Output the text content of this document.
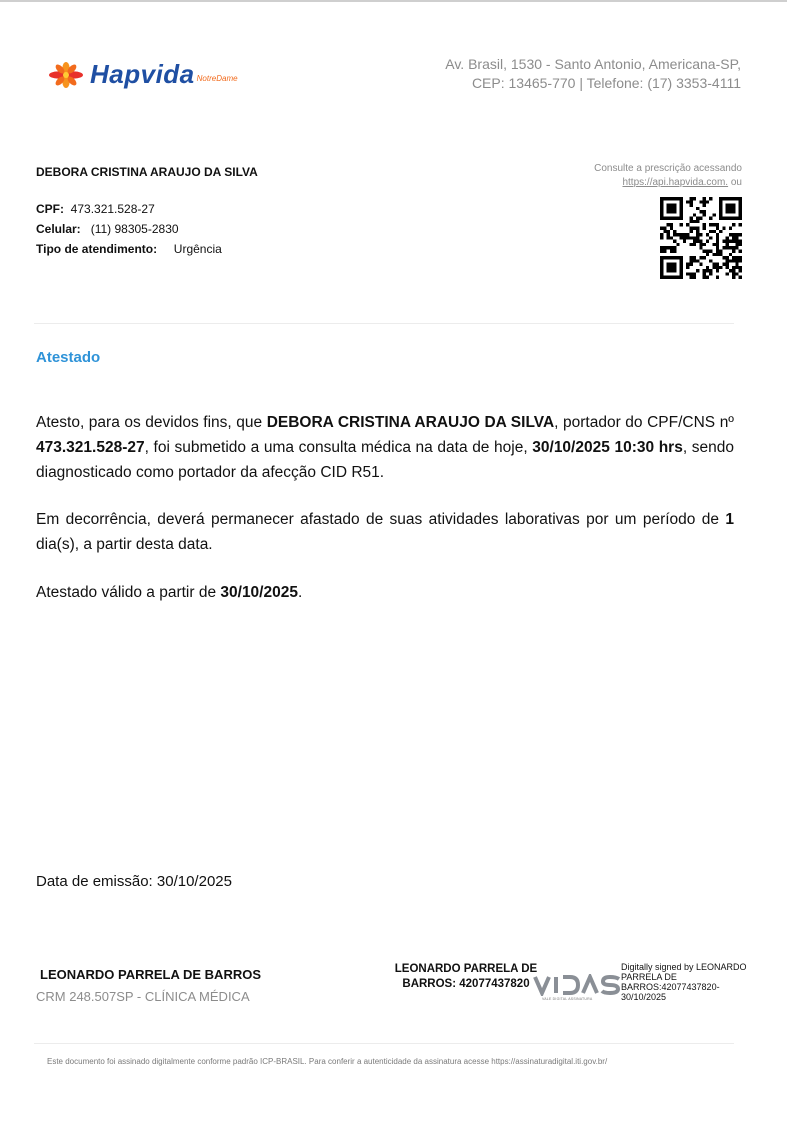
Hapvida NotreDame
Av. Brasil, 1530 - Santo Antonio, Americana-SP,
CEP: 13465-770 | Telefone: (17) 3353-4111
DEBORA CRISTINA ARAUJO DA SILVA
CPF: 473.321.528-27
Celular: (11) 98305-2830
Tipo de atendimento: Urgência
Consulte a prescrição acessando
https://api.hapvida.com. ou
Atestado
Atesto, para os devidos fins, que DEBORA CRISTINA ARAUJO DA SILVA, portador do CPF/CNS nº 473.321.528-27, foi submetido a uma consulta médica na data de hoje, 30/10/2025 10:30 hrs, sendo diagnosticado como portador da afecção CID R51.
Em decorrência, deverá permanecer afastado de suas atividades laborativas por um período de 1 dia(s), a partir desta data.
Atestado válido a partir de 30/10/2025.
Data de emissão: 30/10/2025
LEONARDO PARRELA DE BARROS
CRM 248.507SP - CLÍNICA MÉDICA
LEONARDO PARRELA DE BARROS: 42077437820
VALE DIGITAL ASSINATURA
Digitally signed by LEONARDO
PARRELA DE
BARROS:42077437820-
30/10/2025
Este documento foi assinado digitalmente conforme padrão ICP-BRASIL. Para conferir a autenticidade da assinatura acesse https://assinaturadigital.iti.gov.br/
